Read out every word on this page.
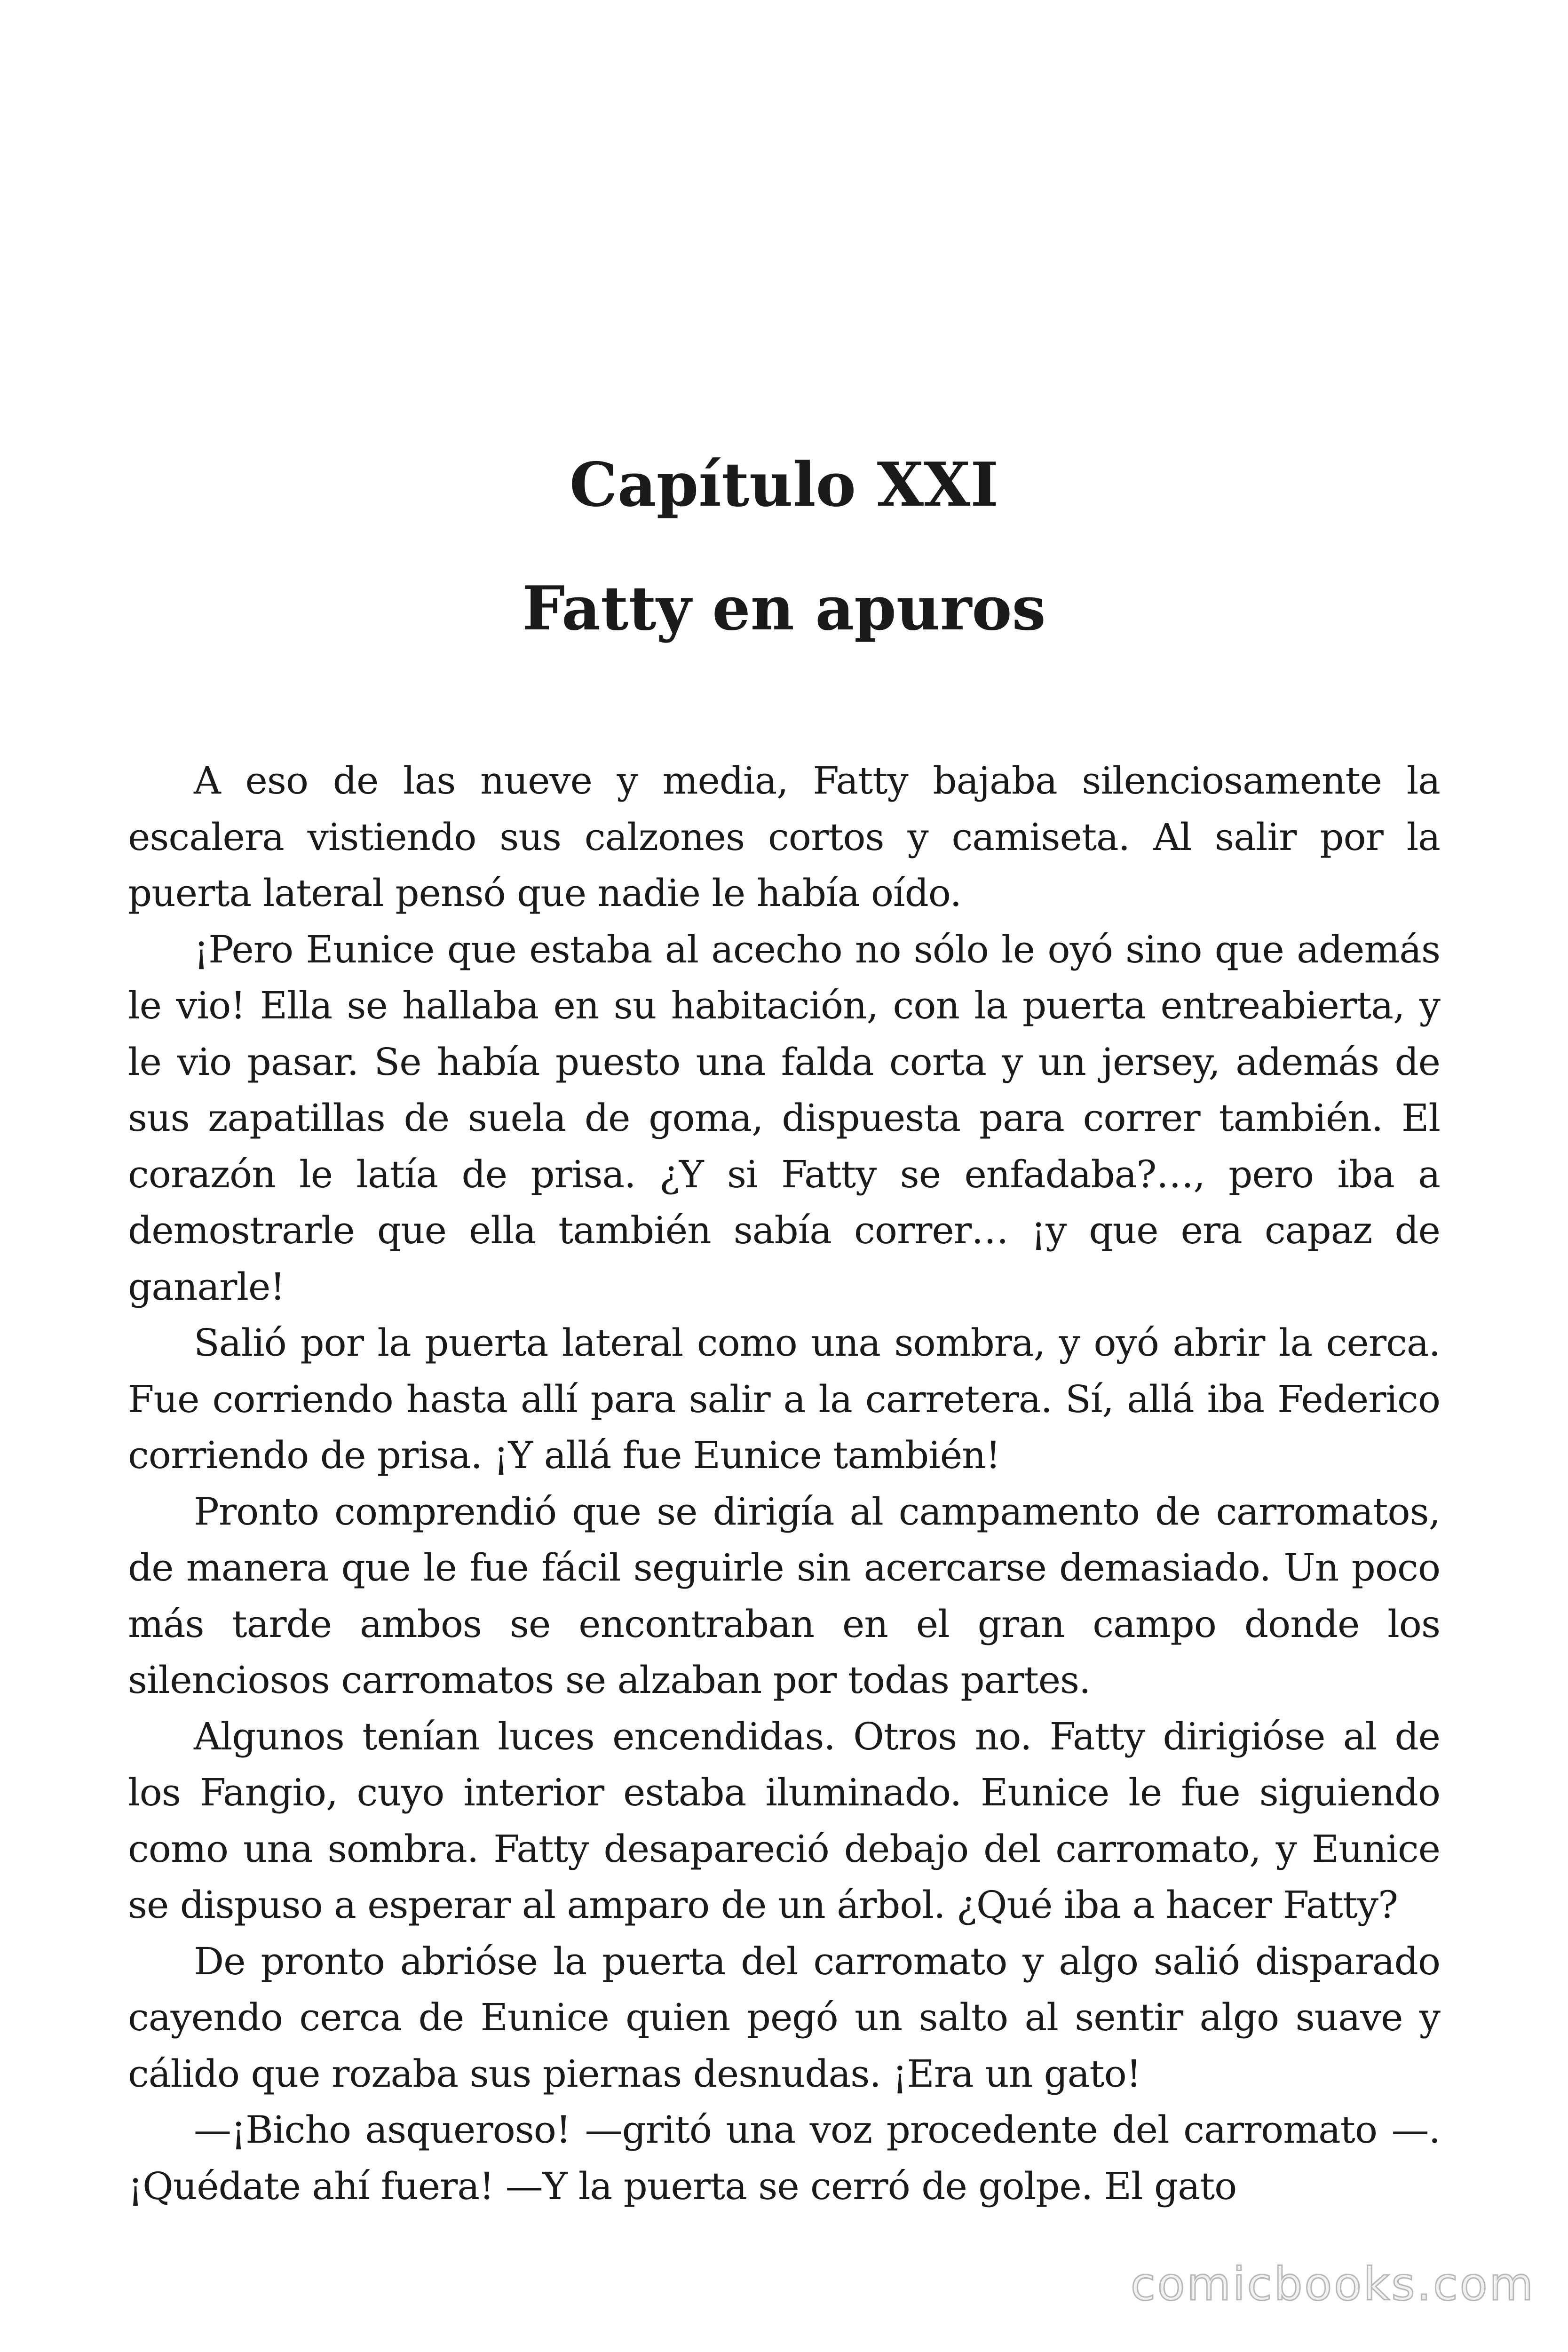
Capítulo XXI
Fatty en apuros

A eso de las nueve y media, Fatty bajaba silenciosamente la escalera vistiendo sus calzones cortos y camiseta. Al salir por la puerta lateral pensó que nadie le había oído.

¡Pero Eunice que estaba al acecho no sólo le oyó sino que además le vio! Ella se hallaba en su habitación, con la puerta entreabierta, y le vio pasar. Se había puesto una falda corta y un jersey, además de sus zapatillas de suela de goma, dispuesta para correr también. El corazón le latía de prisa. ¿Y si Fatty se enfadaba?…, pero iba a demostrarle que ella también sabía correr… ¡y que era capaz de ganarle!

Salió por la puerta lateral como una sombra, y oyó abrir la cerca. Fue corriendo hasta allí para salir a la carretera. Sí, allá iba Federico corriendo de prisa. ¡Y allá fue Eunice también!

Pronto comprendió que se dirigía al campamento de carromatos, de manera que le fue fácil seguirle sin acercarse demasiado. Un poco más tarde ambos se encontraban en el gran campo donde los silenciosos carromatos se alzaban por todas partes.

Algunos tenían luces encendidas. Otros no. Fatty dirigióse al de los Fangio, cuyo interior estaba iluminado. Eunice le fue siguiendo como una sombra. Fatty desapareció debajo del carromato, y Eunice se dispuso a esperar al amparo de un árbol. ¿Qué iba a hacer Fatty?

De pronto abrióse la puerta del carromato y algo salió disparado cayendo cerca de Eunice quien pegó un salto al sentir algo suave y cálido que rozaba sus piernas desnudas. ¡Era un gato!

—¡Bicho asqueroso! —gritó una voz procedente del carromato —. ¡Quédate ahí fuera! —Y la puerta se cerró de golpe. El gato

comicbooks.com
